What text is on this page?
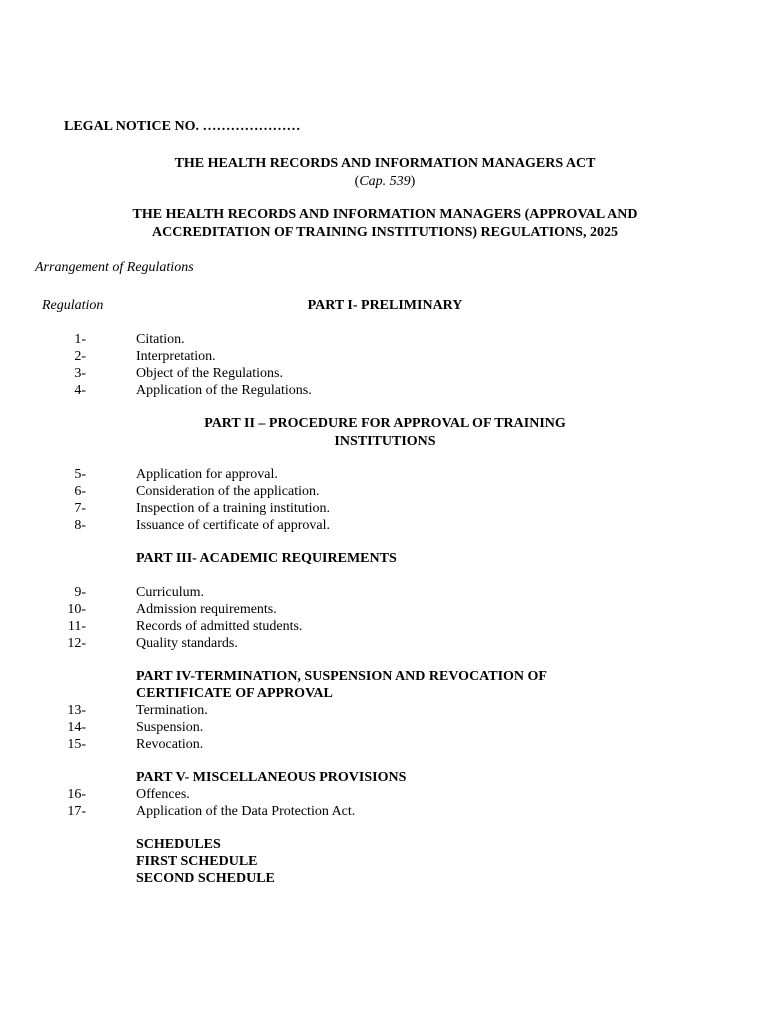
LEGAL NOTICE NO. …………………
THE HEALTH RECORDS AND INFORMATION MANAGERS ACT
(Cap. 539)
THE HEALTH RECORDS AND INFORMATION MANAGERS (APPROVAL AND
ACCREDITATION OF TRAINING INSTITUTIONS) REGULATIONS, 2025
Arrangement of Regulations
Regulation	PART I- PRELIMINARY
1-	Citation.
2-	Interpretation.
3-	Object of the Regulations.
4-	Application of the Regulations.
PART II – PROCEDURE FOR APPROVAL OF TRAINING
INSTITUTIONS
5-	Application for approval.
6-	Consideration of the application.
7-	Inspection of a training institution.
8-	Issuance of certificate of approval.
PART III- ACADEMIC REQUIREMENTS
9-	Curriculum.
10-	Admission requirements.
11-	Records of admitted students.
12-	Quality standards.
PART IV-TERMINATION, SUSPENSION AND REVOCATION OF
CERTIFICATE OF APPROVAL
13-	Termination.
14-	Suspension.
15-	Revocation.
PART V- MISCELLANEOUS PROVISIONS
16-	Offences.
17-	Application of the Data Protection Act.
SCHEDULES
FIRST SCHEDULE
SECOND SCHEDULE
